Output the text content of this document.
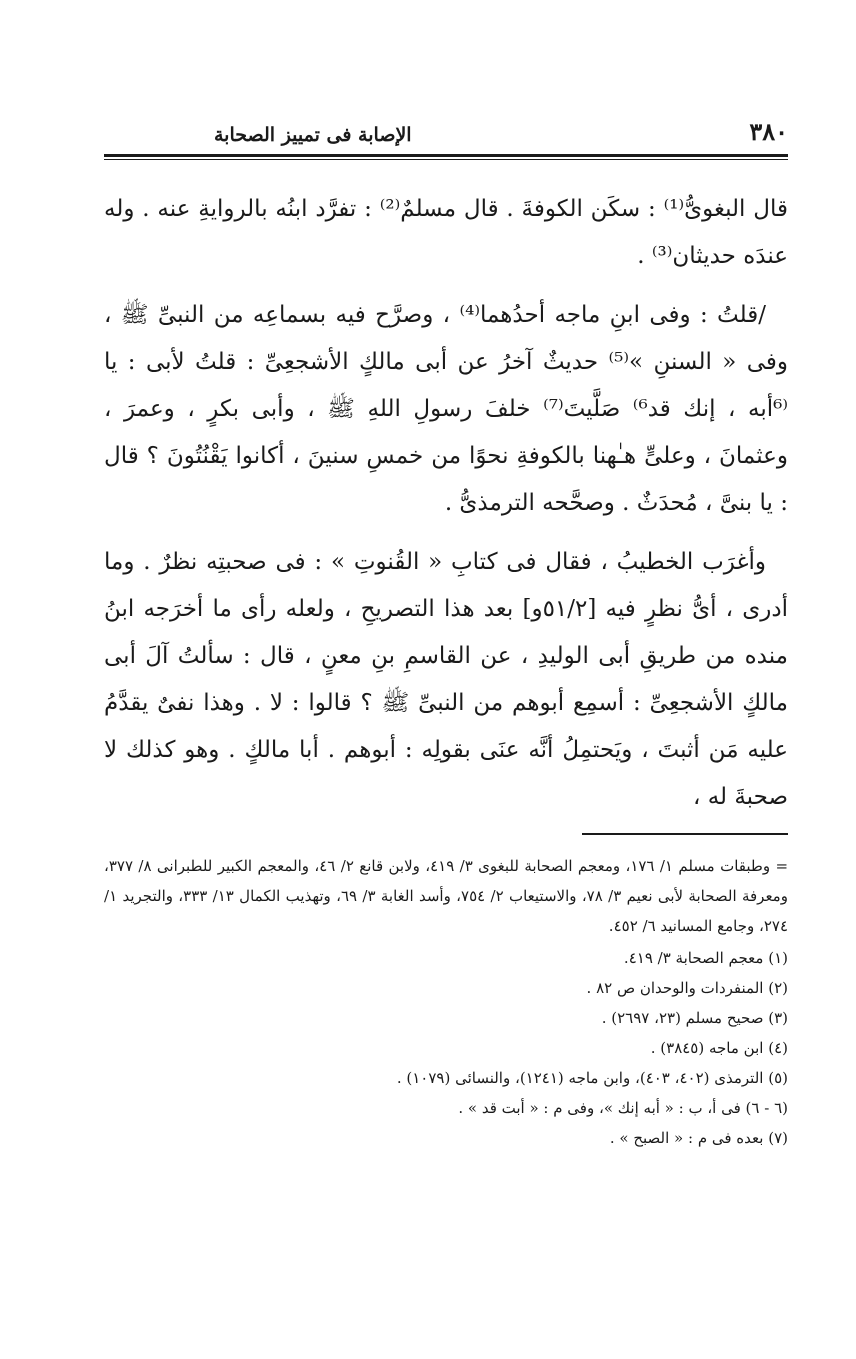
٣٨٠
الإصابة فى تمييز الصحابة

قال البغوىُّ⁽¹⁾ : سكَن الكوفةَ . قال مسلمٌ⁽²⁾ : تفرَّد ابنُه بالروايةِ عنه . وله عندَه حديثان⁽³⁾ .

/قلتُ : وفى ابنِ ماجه أحدُهما⁽⁴⁾ ، وصرَّح فيه بسماعِه من النبىِّ ﷺ ، وفى « السننِ »⁽⁵⁾ حديثٌ آخرُ عن أبى مالكٍ الأشجعِىِّ : قلتُ لأبى : يا ⁽⁶أبه ، إنك قد⁶⁾ صَلَّيتَ⁽⁷⁾ خلفَ رسولِ اللهِ ﷺ ، وأبى بكرٍ ، وعمرَ ، وعثمانَ ، وعلىٍّ هـٰهنا بالكوفةِ نحوًا من خمسِ سنينَ ، أكانوا يَقْنُتُونَ ؟ قال : يا بنىَّ ، مُحدَثٌ . وصحَّحه الترمذىُّ .

وأغرَب الخطيبُ ، فقال فى كتابِ « القُنوتِ » : فى صحبتِه نظرٌ . وما أدرى ، أىُّ نظرٍ فيه [٥١/٢و] بعد هذا التصريحِ ، ولعله رأى ما أخرَجه ابنُ منده من طريقِ أبى الوليدِ ، عن القاسمِ بنِ معنٍ ، قال : سألتُ آلَ أبى مالكٍ الأشجعِىِّ : أسمِع أبوهم من النبىِّ ﷺ ؟ قالوا : لا . وهذا نفىٌ يقدَّمُ عليه مَن أثبتَ ، ويَحتمِلُ أنَّه عنَى بقولِه : أبوهم . أبا مالكٍ . وهو كذلك لا صحبةَ له ،

= وطبقات مسلم ١/ ١٧٦، ومعجم الصحابة للبغوى ٣/ ٤١٩، ولابن قانع ٢/ ٤٦، والمعجم الكبير للطبرانى ٨/ ٣٧٧، ومعرفة الصحابة لأبى نعيم ٣/ ٧٨، والاستيعاب ٢/ ٧٥٤، وأسد الغابة ٣/ ٦٩، وتهذيب الكمال ١٣/ ٣٣٣، والتجريد ١/ ٢٧٤، وجامع المسانيد ٦/ ٤٥٢.

(١) معجم الصحابة ٣/ ٤١٩.
(٢) المنفردات والوحدان ص ٨٢ .
(٣) صحيح مسلم (٢٣، ٢٦٩٧) .
(٤) ابن ماجه (٣٨٤٥) .
(٥) الترمذى (٤٠٢، ٤٠٣)، وابن ماجه (١٢٤١)، والنسائى (١٠٧٩) .
(٦ - ٦) فى أ، ب : « أبه إنك »، وفى م : « أبت قد » .
(٧) بعده فى م : « الصبح » .
